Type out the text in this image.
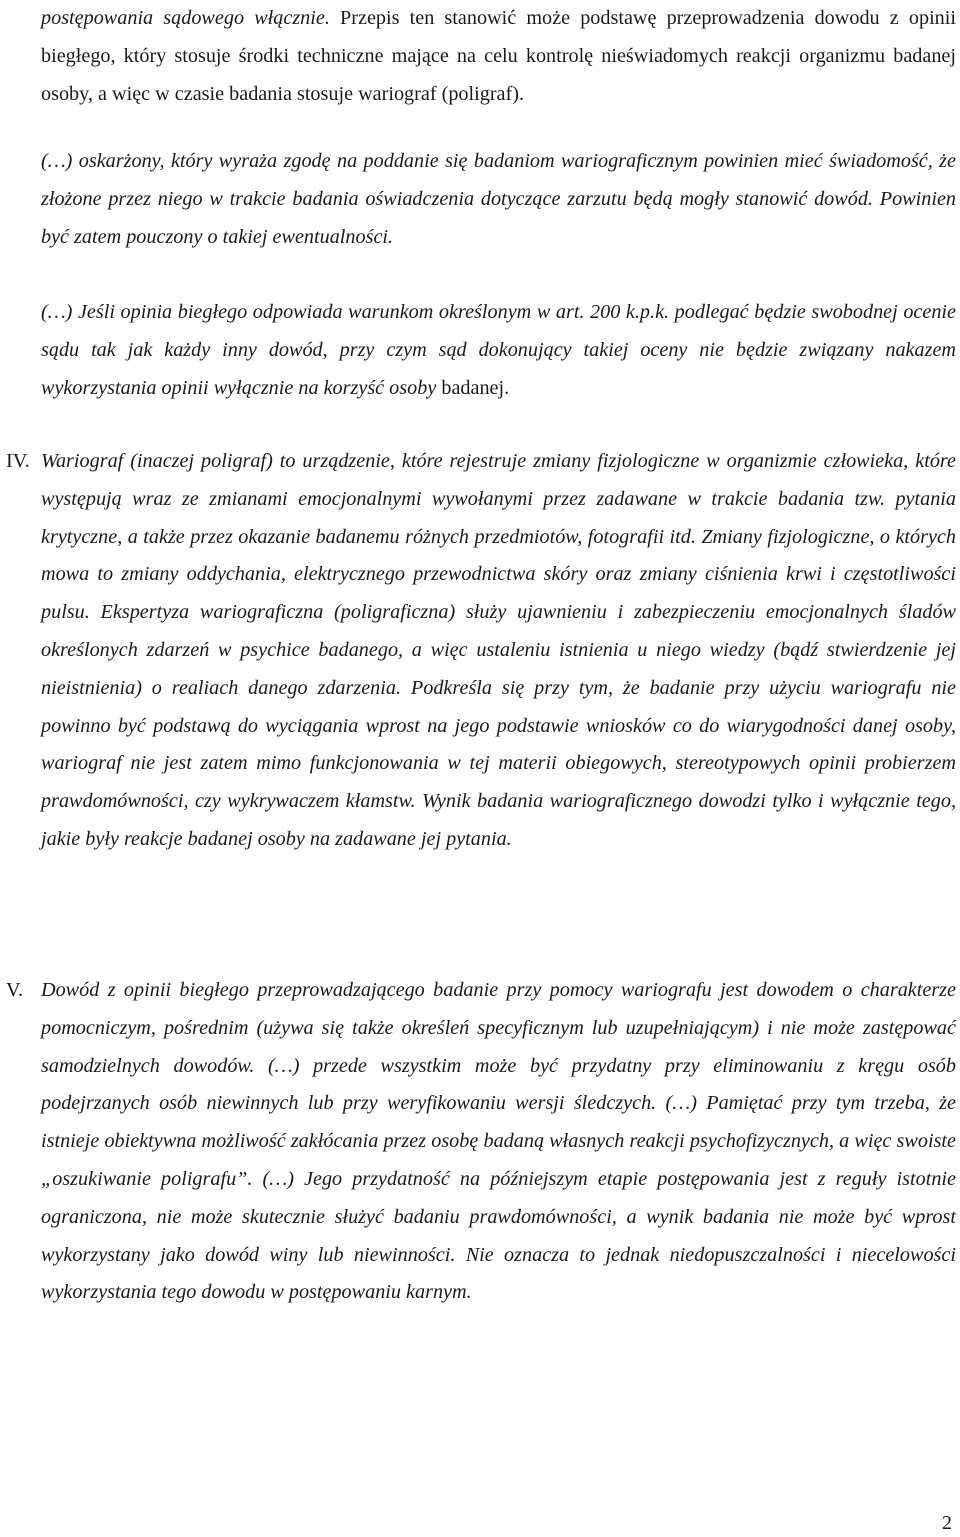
postępowania sądowego włącznie. Przepis ten stanowić może podstawę przeprowadzenia dowodu z opinii biegłego, który stosuje środki techniczne mające na celu kontrolę nieświadomych reakcji organizmu badanej osoby, a więc w czasie badania stosuje wariograf (poligraf).

(…) oskarżony, który wyraża zgodę na poddanie się badaniom wariograficznym powinien mieć świadomość, że złożone przez niego w trakcie badania oświadczenia dotyczące zarzutu będą mogły stanowić dowód. Powinien być zatem pouczony o takiej ewentualności.

(…) Jeśli opinia biegłego odpowiada warunkom określonym w art. 200 k.p.k. podlegać będzie swobodnej ocenie sądu tak jak każdy inny dowód, przy czym sąd dokonujący takiej oceny nie będzie związany nakazem wykorzystania opinii wyłącznie na korzyść osoby badanej.

IV. Wariograf (inaczej poligraf) to urządzenie, które rejestruje zmiany fizjologiczne w organizmie człowieka, które występują wraz ze zmianami emocjonalnymi wywołanymi przez zadawane w trakcie badania tzw. pytania krytyczne, a także przez okazanie badanemu różnych przedmiotów, fotografii itd. Zmiany fizjologiczne, o których mowa to zmiany oddychania, elektrycznego przewodnictwa skóry oraz zmiany ciśnienia krwi i częstotliwości pulsu. Ekspertyza wariograficzna (poligraficzna) służy ujawnieniu i zabezpieczeniu emocjonalnych śladów określonych zdarzeń w psychice badanego, a więc ustaleniu istnienia u niego wiedzy (bądź stwierdzenie jej nieistnienia) o realiach danego zdarzenia. Podkreśla się przy tym, że badanie przy użyciu wariografu nie powinno być podstawą do wyciągania wprost na jego podstawie wniosków co do wiarygodności danej osoby, wariograf nie jest zatem mimo funkcjonowania w tej materii obiegowych, stereotypowych opinii probierzem prawdomówności, czy wykrywaczem kłamstw. Wynik badania wariograficznego dowodzi tylko i wyłącznie tego, jakie były reakcje badanej osoby na zadawane jej pytania.

V. Dowód z opinii biegłego przeprowadzającego badanie przy pomocy wariografu jest dowodem o charakterze pomocniczym, pośrednim (używa się także określeń specyficznym lub uzupełniającym) i nie może zastępować samodzielnych dowodów. (…) przede wszystkim może być przydatny przy eliminowaniu z kręgu osób podejrzanych osób niewinnych lub przy weryfikowaniu wersji śledczych. (…) Pamiętać przy tym trzeba, że istnieje obiektywna możliwość zakłócania przez osobę badaną własnych reakcji psychofizycznych, a więc swoiste „oszukiwanie poligrafu”. (…) Jego przydatność na późniejszym etapie postępowania jest z reguły istotnie ograniczona, nie może skutecznie służyć badaniu prawdomówności, a wynik badania nie może być wprost wykorzystany jako dowód winy lub niewinności. Nie oznacza to jednak niedopuszczalności i niecelowości wykorzystania tego dowodu w postępowaniu karnym.

2
